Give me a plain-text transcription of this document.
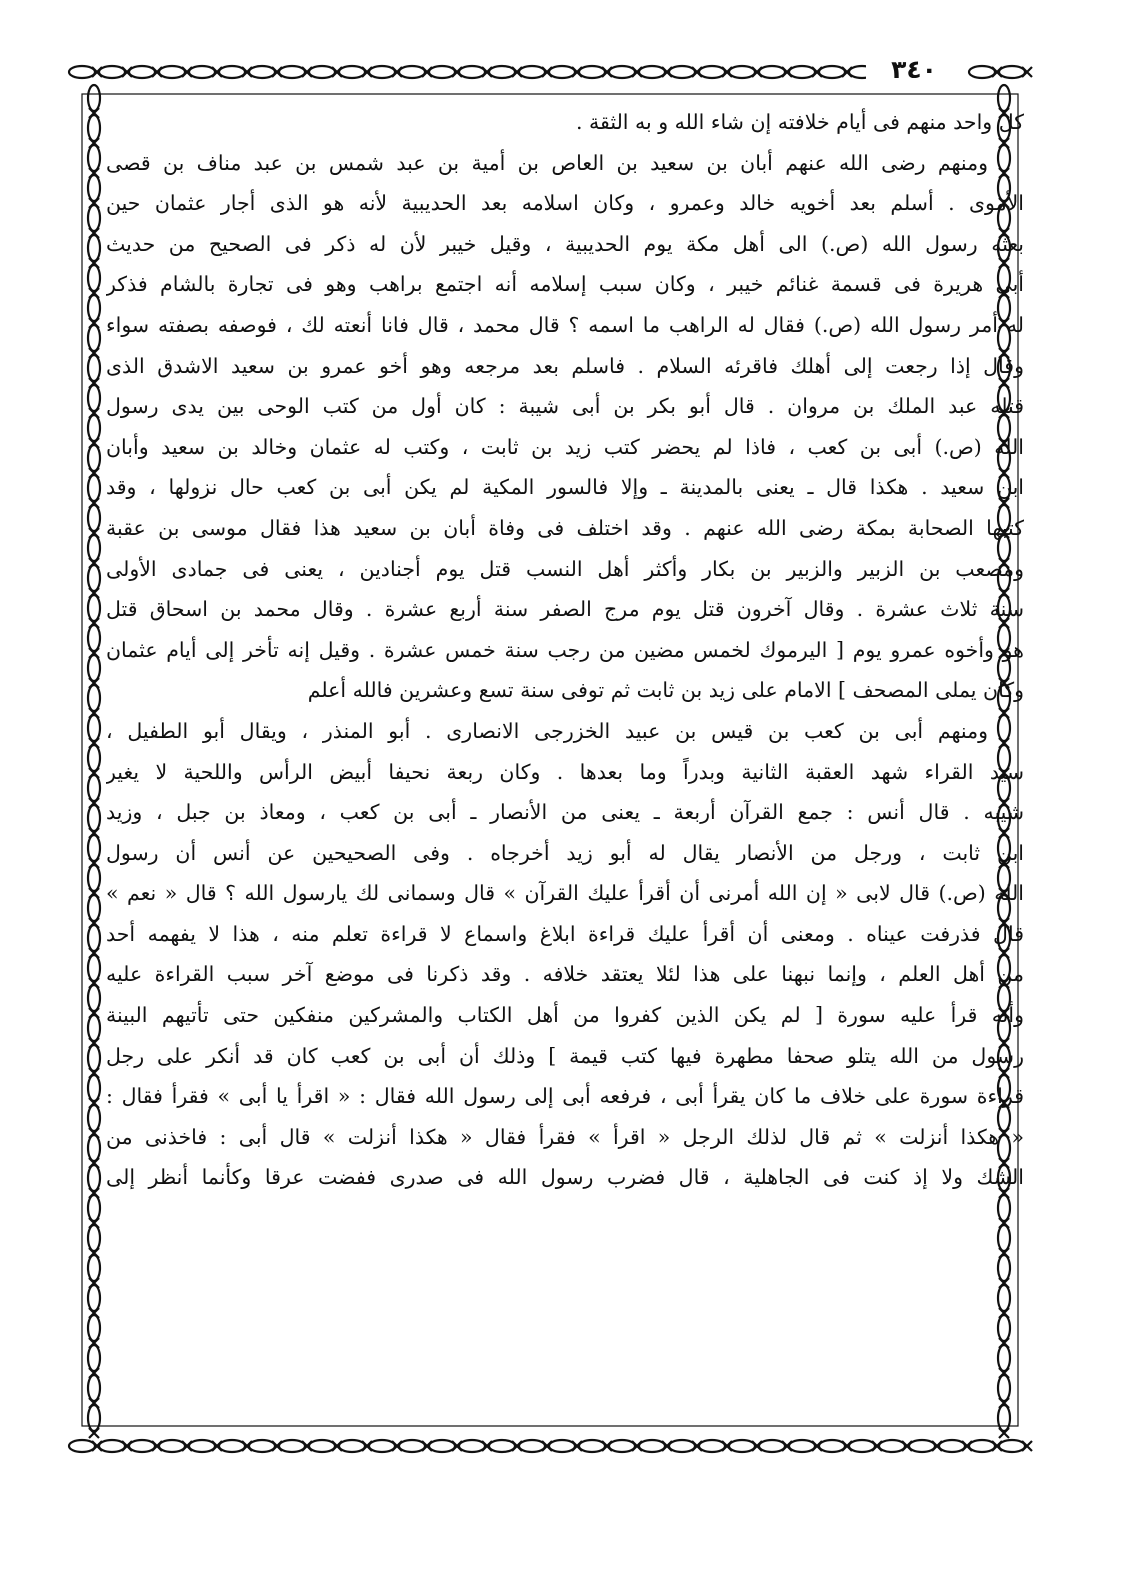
٣٤٠
كل واحد منهم فى أيام خلافته إن شاء الله و به الثقة .
ومنهم رضى الله عنهم أبان بن سعيد بن العاص بن أمية بن عبد شمس بن عبد مناف بن قصى
الأموى . أسلم بعد أخويه خالد وعمرو ، وكان اسلامه بعد الحديبية لأنه هو الذى أجار عثمان حين
بعثه رسول الله (ص.) الى أهل مكة يوم الحديبية ، وقيل خيبر لأن له ذكر فى الصحيح من حديث
أبى هريرة فى قسمة غنائم خيبر ، وكان سبب إسلامه أنه اجتمع براهب وهو فى تجارة بالشام فذكر
له أمر رسول الله (ص.) فقال له الراهب ما اسمه ؟ قال محمد ، قال فانا أنعته لك ، فوصفه بصفته سواء
وقال إذا رجعت إلى أهلك فاقرئه السلام . فاسلم بعد مرجعه وهو أخو عمرو بن سعيد الاشدق الذى
قتله عبد الملك بن مروان . قال أبو بكر بن أبى شيبة : كان أول من كتب الوحى بين يدى رسول
الله (ص.) أبى بن كعب ، فاذا لم يحضر كتب زيد بن ثابت ، وكتب له عثمان وخالد بن سعيد وأبان
ابن سعيد . هكذا قال ـ يعنى بالمدينة ـ وإلا فالسور المكية لم يكن أبى بن كعب حال نزولها ، وقد
كتبها الصحابة بمكة رضى الله عنهم . وقد اختلف فى وفاة أبان بن سعيد هذا فقال موسى بن عقبة
ومصعب بن الزبير والزبير بن بكار وأكثر أهل النسب قتل يوم أجنادين ، يعنى فى جمادى الأولى
سنة ثلاث عشرة . وقال آخرون قتل يوم مرج الصفر سنة أربع عشرة . وقال محمد بن اسحاق قتل
هو وأخوه عمرو يوم [ اليرموك لخمس مضين من رجب سنة خمس عشرة . وقيل إنه تأخر إلى أيام عثمان
وكان يملى المصحف ] الامام على زيد بن ثابت ثم توفى سنة تسع وعشرين فالله أعلم
ومنهم أبى بن كعب بن قيس بن عبيد الخزرجى الانصارى . أبو المنذر ، ويقال أبو الطفيل ،
سيد القراء شهد العقبة الثانية وبدراً وما بعدها . وكان ربعة نحيفا أبيض الرأس واللحية لا يغير
شيبه . قال أنس : جمع القرآن أربعة ـ يعنى من الأنصار ـ أبى بن كعب ، ومعاذ بن جبل ، وزيد
ابن ثابت ، ورجل من الأنصار يقال له أبو زيد أخرجاه . وفى الصحيحين عن أنس أن رسول
الله (ص.) قال لابى « إن الله أمرنى أن أقرأ عليك القرآن » قال وسمانى لك يارسول الله ؟ قال « نعم »
قال فذرفت عيناه . ومعنى أن أقرأ عليك قراءة ابلاغ واسماع لا قراءة تعلم منه ، هذا لا يفهمه أحد
من أهل العلم ، وإنما نبهنا على هذا لئلا يعتقد خلافه . وقد ذكرنا فى موضع آخر سبب القراءة عليه
وأنه قرأ عليه سورة [ لم يكن الذين كفروا من أهل الكتاب والمشركين منفكين حتى تأتيهم البينة
رسول من الله يتلو صحفا مطهرة فيها كتب قيمة ] وذلك أن أبى بن كعب كان قد أنكر على رجل
قراءة سورة على خلاف ما كان يقرأ أبى ، فرفعه أبى إلى رسول الله فقال : « اقرأ يا أبى » فقرأ فقال :
« هكذا أنزلت » ثم قال لذلك الرجل « اقرأ » فقرأ فقال « هكذا أنزلت » قال أبى : فاخذنى من
الشك ولا إذ كنت فى الجاهلية ، قال فضرب رسول الله فى صدرى ففضت عرقا وكأنما أنظر إلى
